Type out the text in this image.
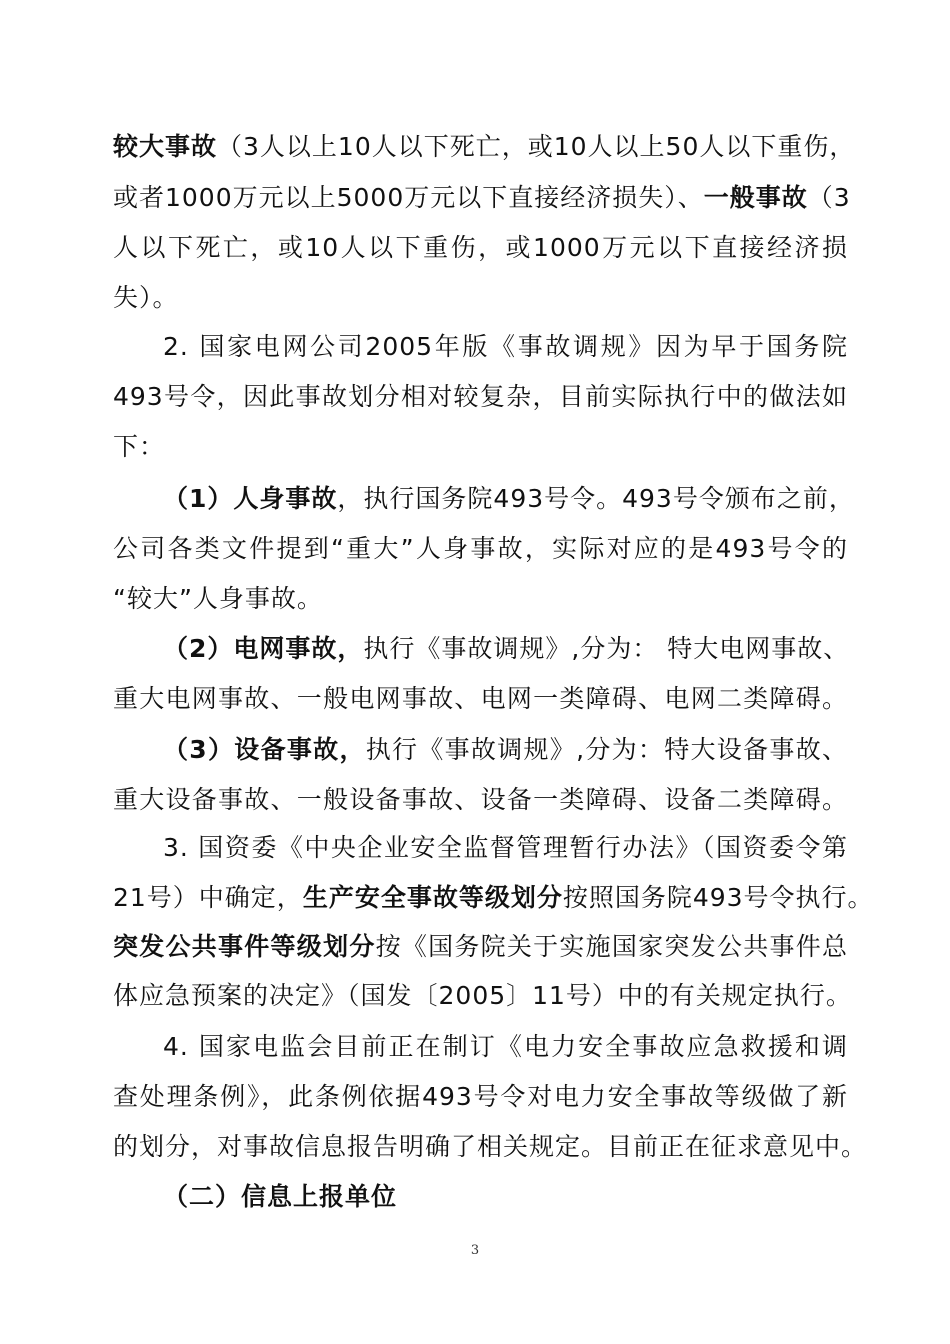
较大事故（3人以上10人以下死亡，或10人以上50人以下重伤，
或者1000万元以上5000万元以下直接经济损失）、一般事故（3
人以下死亡，或10人以下重伤，或1000万元以下直接经济损
失）。
2. 国家电网公司2005年版《事故调规》因为早于国务院
493号令，因此事故划分相对较复杂，目前实际执行中的做法如
下：
（1）人身事故，执行国务院493号令。493号令颁布之前，
公司各类文件提到“重大”人身事故，实际对应的是493号令的
“较大”人身事故。
（2）电网事故，执行《事故调规》,分为： 特大电网事故、
重大电网事故、一般电网事故、电网一类障碍、电网二类障碍。
（3）设备事故，执行《事故调规》,分为：特大设备事故、
重大设备事故、一般设备事故、设备一类障碍、设备二类障碍。
3. 国资委《中央企业安全监督管理暂行办法》（国资委令第
21号）中确定，生产安全事故等级划分按照国务院493号令执行。
突发公共事件等级划分按《国务院关于实施国家突发公共事件总
体应急预案的决定》（国发〔2005〕11号）中的有关规定执行。
4. 国家电监会目前正在制订《电力安全事故应急救援和调
查处理条例》，此条例依据493号令对电力安全事故等级做了新
的划分，对事故信息报告明确了相关规定。目前正在征求意见中。
（二）信息上报单位
3
